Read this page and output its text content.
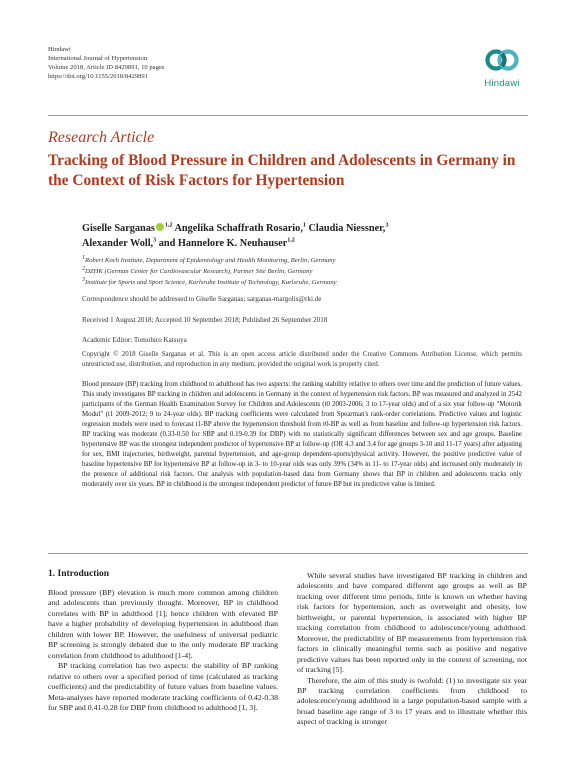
Hindawi
International Journal of Hypertension
Volume 2018, Article ID 8429891, 10 pages
https://doi.org/10.1155/2018/8429891
Hindawi
Research Article
Tracking of Blood Pressure in Children and Adolescents in Germany in the Context of Risk Factors for Hypertension
Giselle Sarganas $^{1,2}$ Angelika Schaffrath Rosario,$^1$ Claudia Niessner,$^3$
Alexander Woll,$^3$ and Hannelore K. Neuhauser$^{1,2}$
$^1$Robert Koch Institute, Department of Epidemiology and Health Monitoring, Berlin, Germany
$^2$DZHK (German Center for Cardiovascular Research), Partner Site Berlin, Germany
$^3$Institute for Sports and Sport Science, Karlsruhe Institute of Technology, Karlsruhe, Germany
Correspondence should be addressed to Giselle Sarganas; sarganas-margolis@rki.de
Received 1 August 2018; Accepted 10 September 2018; Published 26 September 2018
Academic Editor: Tomohiro Katsuya

Copyright © 2018 Giselle Sarganas et al. This is an open access article distributed under the Creative Commons Attribution License, which permits unrestricted use, distribution, and reproduction in any medium, provided the original work is properly cited.

Blood pressure (BP) tracking from childhood to adulthood has two aspects: the ranking stability relative to others over time and the prediction of future values. This study investigates BP tracking in children and adolescents in Germany in the context of hypertension risk factors. BP was measured and analyzed in 2542 participants of the German Health Examination Survey for Children and Adolescents (t0 2003-2006; 3 to 17-year olds) and of a six year follow-up "Motorik Modul" (t1 2009-2012; 9 to 24-year olds). BP tracking coefficients were calculated from Spearman's rank-order correlations. Predictive values and logistic regression models were used to forecast t1-BP above the hypertension threshold from t0-BP as well as from baseline and follow-up hypertension risk factors. BP tracking was moderate (0.33-0.50 for SBP and 0.19-0.39 for DBP) with no statistically significant differences between sex and age groups. Baseline hypertensive BP was the strongest independent predictor of hypertensive BP at follow-up (OR 4.3 and 3.4 for age groups 3-10 and 11-17 years) after adjusting for sex, BMI trajectories, birthweight, parental hypertension, and age-group dependent-sports/physical activity. However, the positive predictive value of baseline hypertensive BP for hypertensive BP at follow-up in 3- to 10-year olds was only 39% (34% in 11- to 17-year olds) and increased only moderately in the presence of additional risk factors. Our analysis with population-based data from Germany shows that BP in children and adolescents tracks only moderately over six years. BP in childhood is the strongest independent predictor of future BP but its predictive value is limited.

1. Introduction

Blood pressure (BP) elevation is much more common among children and adolescents than previously thought. Moreover, BP in childhood correlates with BP in adulthood [1]; hence children with elevated BP have a higher probability of developing hypertension in adulthood than children with lower BP. However, the usefulness of universal pediatric BP screening is strongly debated due to the only moderate BP tracking correlation from childhood to adulthood [1-4].

BP tracking correlation has two aspects: the stability of BP ranking relative to others over a specified period of time (calculated as tracking coefficients) and the predictability of future values from baseline values. Meta-analyses have reported moderate tracking coefficients of 0.42-0.38 for SBP and 0.41-0.28 for DBP from childhood to adulthood [1, 3].

While several studies have investigated BP tracking in children and adolescents and have compared different age groups as well as BP tracking over different time periods, little is known on whether having risk factors for hypertension, such as overweight and obesity, low birthweight, or parental hypertension, is associated with higher BP tracking correlation from childhood to adolescence/young adulthood. Moreover, the predictability of BP measurements from hypertension risk factors in clinically meaningful terms such as positive and negative predictive values has been reported only in the context of screening, not of tracking [5].

Therefore, the aim of this study is twofold: (1) to investigate six year BP tracking correlation coefficients from childhood to adolescence/young adulthood in a large population-based sample with a broad baseline age range of 3 to 17 years and to illustrate whether this aspect of tracking is stronger
